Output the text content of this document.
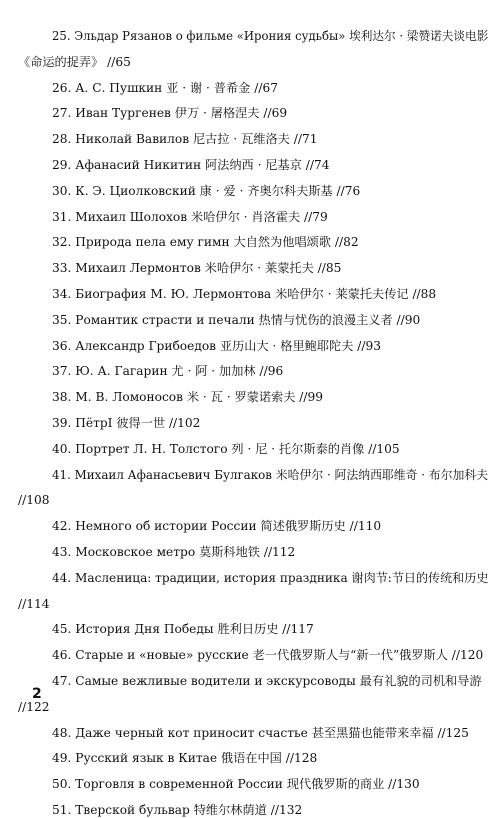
25. Эльдар Рязанов о фильме «Ирония судьбы» 埃利达尔 · 梁赞诺夫谈电影
《命运的捉弄》 //65
26. А. С. Пушкин 亚 · 谢 · 普希金 //67
27. Иван Тургенев 伊万 · 屠格涅夫 //69
28. Николай Вавилов 尼古拉 · 瓦维洛夫 //71
29. Афанасий Никитин 阿法纳西 · 尼基京 //74
30. К. Э. Циолковский 康 · 爱 · 齐奥尔科夫斯基 //76
31. Михаил Шолохов 米哈伊尔 · 肖洛霍夫 //79
32. Природа пела ему гимн 大自然为他唱颂歌 //82
33. Михаил Лермонтов 米哈伊尔 · 莱蒙托夫 //85
34. Биография М. Ю. Лермонтова 米哈伊尔 · 莱蒙托夫传记 //88
35. Романтик страсти и печали 热情与忧伤的浪漫主义者 //90
36. Александр Грибоедов 亚历山大 · 格里鲍耶陀夫 //93
37. Ю. А. Гагарин 尤 · 阿 · 加加林 //96
38. М. В. Ломоносов 米 · 瓦 · 罗蒙诺索夫 //99
39. ПётрI 彼得一世 //102
40. Портрет Л. Н. Толстого 列 · 尼 · 托尔斯泰的肖像 //105
41. Михаил Афанасьевич Булгаков 米哈伊尔 · 阿法纳西耶维奇 · 布尔加科夫
//108
42. Немного об истории России 简述俄罗斯历史 //110
43. Московское метро 莫斯科地铁 //112
44. Масленица: традиции, история праздника 谢肉节:节日的传统和历史
//114
45. История Дня Победы 胜利日历史 //117
46. Старые и «новые» русские 老一代俄罗斯人与“新一代”俄罗斯人 //120
47. Самые вежливые водители и экскурсоводы 最有礼貌的司机和导游
//122
48. Даже черный кот приносит счастье 甚至黑猫也能带来幸福 //125
49. Русский язык в Китае 俄语在中国 //128
50. Торговля в современной России 现代俄罗斯的商业 //130
51. Тверской бульвар 特维尔林荫道 //132
2
